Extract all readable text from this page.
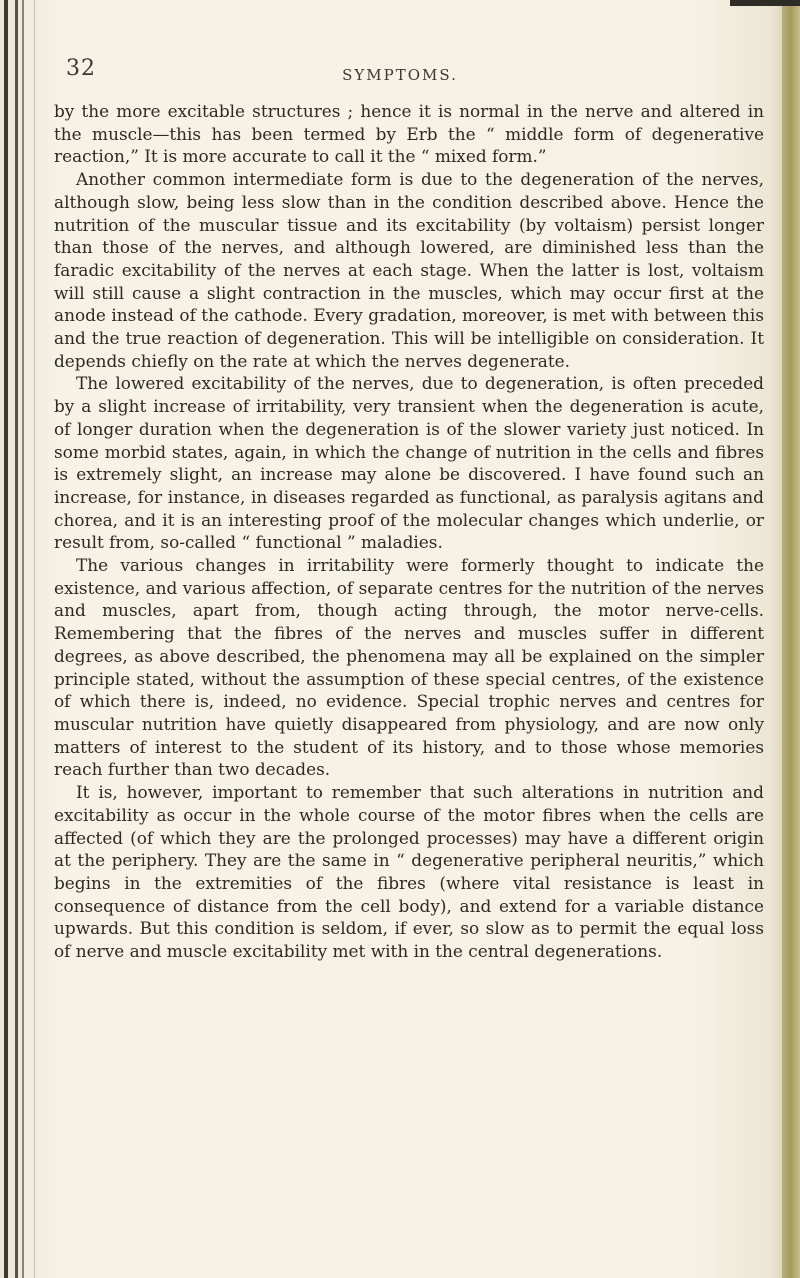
32	SYMPTOMS.

by the more excitable structures ; hence it is normal in the nerve and altered in the muscle—this has been termed by Erb the “ middle form of degenerative reaction,” It is more accurate to call it the “ mixed form.”

Another common intermediate form is due to the degeneration of the nerves, although slow, being less slow than in the condition described above. Hence the nutrition of the muscular tissue and its excitability (by voltaism) persist longer than those of the nerves, and although lowered, are diminished less than the faradic excitability of the nerves at each stage. When the latter is lost, voltaism will still cause a slight contraction in the muscles, which may occur first at the anode instead of the cathode. Every gradation, moreover, is met with between this and the true reaction of degeneration. This will be intelligible on consideration. It depends chiefly on the rate at which the nerves degenerate.

The lowered excitability of the nerves, due to degeneration, is often preceded by a slight increase of irritability, very transient when the degeneration is acute, of longer duration when the degeneration is of the slower variety just noticed. In some morbid states, again, in which the change of nutrition in the cells and fibres is extremely slight, an increase may alone be discovered. I have found such an increase, for instance, in diseases regarded as functional, as paralysis agitans and chorea, and it is an interesting proof of the molecular changes which underlie, or result from, so-called “ functional ” maladies.

The various changes in irritability were formerly thought to indicate the existence, and various affection, of separate centres for the nutrition of the nerves and muscles, apart from, though acting through, the motor nerve-cells. Remembering that the fibres of the nerves and muscles suffer in different degrees, as above described, the phenomena may all be explained on the simpler principle stated, without the assumption of these special centres, of the existence of which there is, indeed, no evidence. Special trophic nerves and centres for muscular nutrition have quietly disappeared from physiology, and are now only matters of interest to the student of its history, and to those whose memories reach further than two decades.

It is, however, important to remember that such alterations in nutrition and excitability as occur in the whole course of the motor fibres when the cells are affected (of which they are the prolonged processes) may have a different origin at the periphery. They are the same in “ degenerative peripheral neuritis,” which begins in the extremities of the fibres (where vital resistance is least in consequence of distance from the cell body), and extend for a variable distance upwards. But this condition is seldom, if ever, so slow as to permit the equal loss of nerve and muscle excitability met with in the central degenerations.
